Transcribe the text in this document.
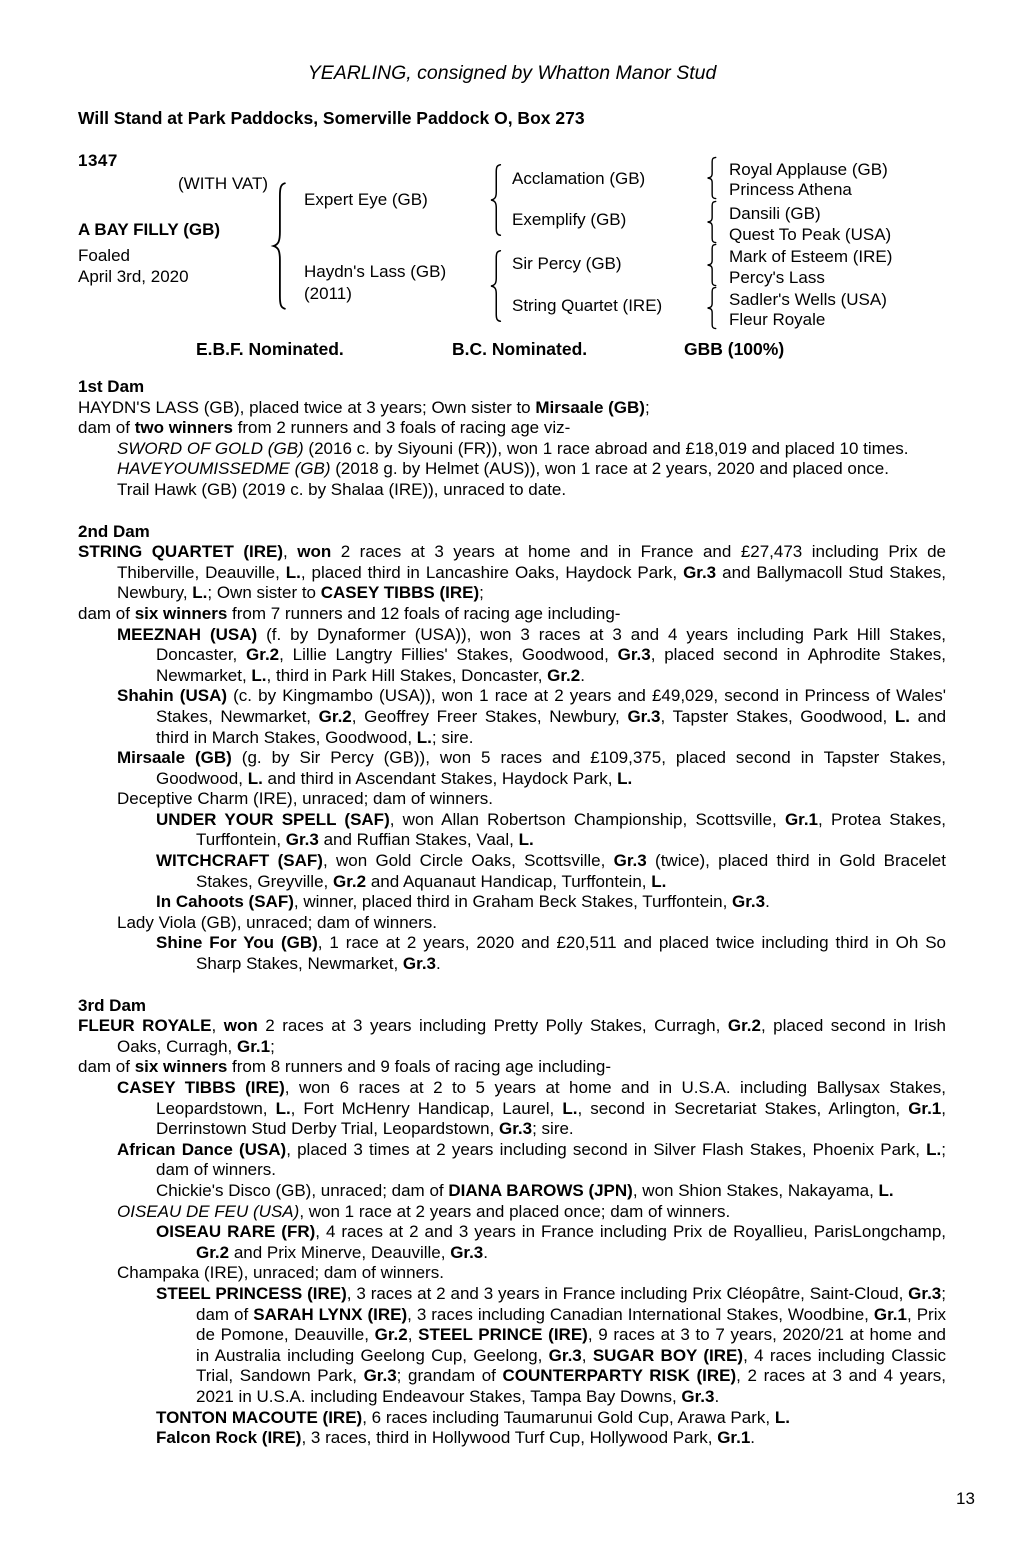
YEARLING, consigned by Whatton Manor Stud
Will Stand at Park Paddocks, Somerville Paddock O, Box 273
1347
(WITH VAT)
A BAY FILLY (GB)
Foaled
April 3rd, 2020
Expert Eye (GB)
Haydn's Lass (GB)
(2011)
Acclamation (GB)
Exemplify (GB)
Sir Percy (GB)
String Quartet (IRE)
Royal Applause (GB)
Princess Athena
Dansili (GB)
Quest To Peak (USA)
Mark of Esteem (IRE)
Percy's Lass
Sadler's Wells (USA)
Fleur Royale
E.B.F. Nominated.	B.C. Nominated.	GBB (100%)

1st Dam

HAYDN'S LASS (GB), placed twice at 3 years; Own sister to Mirsaale (GB);

dam of two winners from 2 runners and 3 foals of racing age viz-

SWORD OF GOLD (GB) (2016 c. by Siyouni (FR)), won 1 race abroad and £18,019 and placed 10 times.

HAVEYOUMISSEDME (GB) (2018 g. by Helmet (AUS)), won 1 race at 2 years, 2020 and placed once.

Trail Hawk (GB) (2019 c. by Shalaa (IRE)), unraced to date.

2nd Dam

STRING QUARTET (IRE), won 2 races at 3 years at home and in France and £27,473 including Prix de Thiberville, Deauville, L., placed third in Lancashire Oaks, Haydock Park, Gr.3 and Ballymacoll Stud Stakes, Newbury, L.; Own sister to CASEY TIBBS (IRE);

dam of six winners from 7 runners and 12 foals of racing age including-

MEEZNAH (USA) (f. by Dynaformer (USA)), won 3 races at 3 and 4 years including Park Hill Stakes, Doncaster, Gr.2, Lillie Langtry Fillies' Stakes, Goodwood, Gr.3, placed second in Aphrodite Stakes, Newmarket, L., third in Park Hill Stakes, Doncaster, Gr.2.

Shahin (USA) (c. by Kingmambo (USA)), won 1 race at 2 years and £49,029, second in Princess of Wales' Stakes, Newmarket, Gr.2, Geoffrey Freer Stakes, Newbury, Gr.3, Tapster Stakes, Goodwood, L. and third in March Stakes, Goodwood, L.; sire.

Mirsaale (GB) (g. by Sir Percy (GB)), won 5 races and £109,375, placed second in Tapster Stakes, Goodwood, L. and third in Ascendant Stakes, Haydock Park, L.

Deceptive Charm (IRE), unraced; dam of winners.

UNDER YOUR SPELL (SAF), won Allan Robertson Championship, Scottsville, Gr.1, Protea Stakes, Turffontein, Gr.3 and Ruffian Stakes, Vaal, L.

WITCHCRAFT (SAF), won Gold Circle Oaks, Scottsville, Gr.3 (twice), placed third in Gold Bracelet Stakes, Greyville, Gr.2 and Aquanaut Handicap, Turffontein, L.

In Cahoots (SAF), winner, placed third in Graham Beck Stakes, Turffontein, Gr.3.

Lady Viola (GB), unraced; dam of winners.

Shine For You (GB), 1 race at 2 years, 2020 and £20,511 and placed twice including third in Oh So Sharp Stakes, Newmarket, Gr.3.

3rd Dam

FLEUR ROYALE, won 2 races at 3 years including Pretty Polly Stakes, Curragh, Gr.2, placed second in Irish Oaks, Curragh, Gr.1;

dam of six winners from 8 runners and 9 foals of racing age including-

CASEY TIBBS (IRE), won 6 races at 2 to 5 years at home and in U.S.A. including Ballysax Stakes, Leopardstown, L., Fort McHenry Handicap, Laurel, L., second in Secretariat Stakes, Arlington, Gr.1, Derrinstown Stud Derby Trial, Leopardstown, Gr.3; sire.

African Dance (USA), placed 3 times at 2 years including second in Silver Flash Stakes, Phoenix Park, L.; dam of winners.

Chickie's Disco (GB), unraced; dam of DIANA BAROWS (JPN), won Shion Stakes, Nakayama, L.

OISEAU DE FEU (USA), won 1 race at 2 years and placed once; dam of winners.

OISEAU RARE (FR), 4 races at 2 and 3 years in France including Prix de Royallieu, ParisLongchamp, Gr.2 and Prix Minerve, Deauville, Gr.3.

Champaka (IRE), unraced; dam of winners.

STEEL PRINCESS (IRE), 3 races at 2 and 3 years in France including Prix Cléopâtre, Saint-Cloud, Gr.3; dam of SARAH LYNX (IRE), 3 races including Canadian International Stakes, Woodbine, Gr.1, Prix de Pomone, Deauville, Gr.2, STEEL PRINCE (IRE), 9 races at 3 to 7 years, 2020/21 at home and in Australia including Geelong Cup, Geelong, Gr.3, SUGAR BOY (IRE), 4 races including Classic Trial, Sandown Park, Gr.3; grandam of COUNTERPARTY RISK (IRE), 2 races at 3 and 4 years, 2021 in U.S.A. including Endeavour Stakes, Tampa Bay Downs, Gr.3.

TONTON MACOUTE (IRE), 6 races including Taumarunui Gold Cup, Arawa Park, L.

Falcon Rock (IRE), 3 races, third in Hollywood Turf Cup, Hollywood Park, Gr.1.

13
